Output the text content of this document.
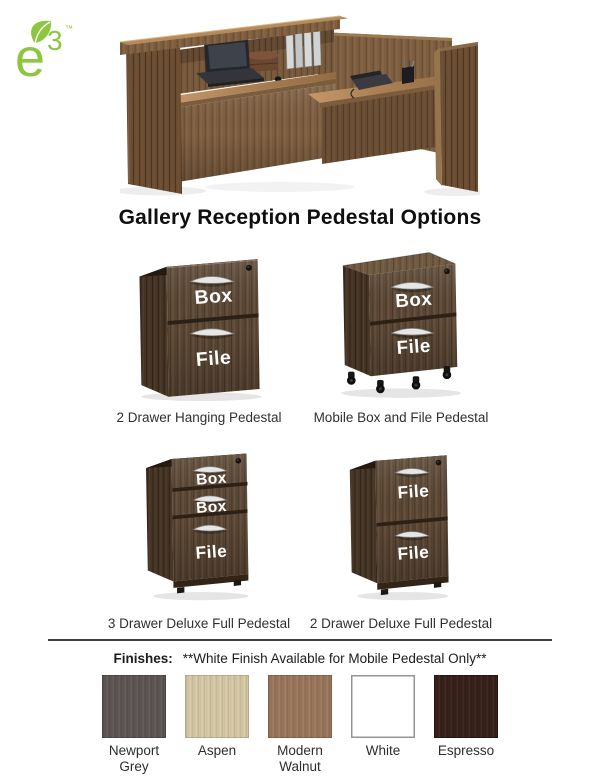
e 3 ™
Gallery Reception Pedestal Options
Box
File
2 Drawer Hanging Pedestal
Box
File
Mobile Box and File Pedestal
Box
Box
File
3 Drawer Deluxe Full Pedestal
File
File
2 Drawer Deluxe Full Pedestal

Finishes: **White Finish Available for Mobile Pedestal Only**

Newport Grey
Aspen	Modern Walnut
White	Espresso
